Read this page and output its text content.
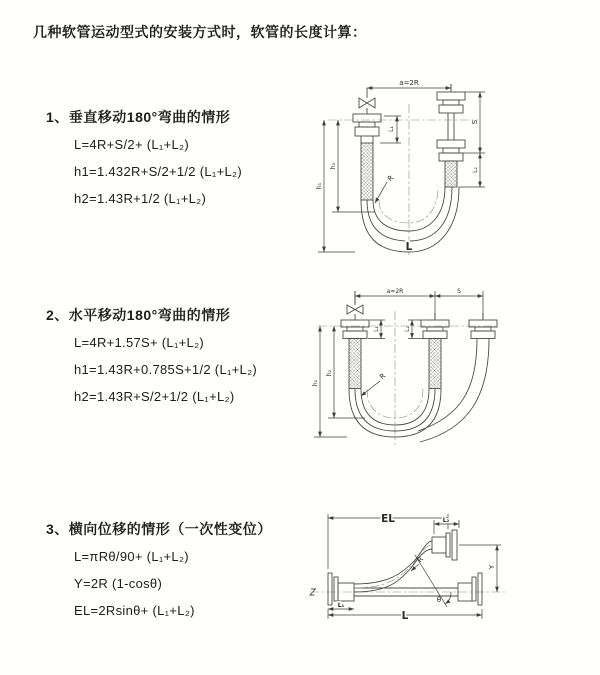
几种软管运动型式的安装方式时，软管的长度计算：
1、垂直移动180°弯曲的情形
L=4R+S/2+ (L₁+L₂)
h1=1.432R+S/2+1/2 (L₁+L₂)
h2=1.43R+1/2 (L₁+L₂)
2、水平移动180°弯曲的情形
L=4R+1.57S+ (L₁+L₂)
h1=1.43R+0.785S+1/2 (L₁+L₂)
h2=1.43R+S/2+1/2 (L₁+L₂)
3、横向位移的情形（一次性变位）
L=πRθ/90+ (L₁+L₂)
Y=2R (1-cosθ)
EL=2Rsinθ+ (L₁+L₂)
a=2R
L₁
S
L₂
h₁
h₂
R
L
a=2R	S
L₁	L₂
h₁
h₂	R
EL	L₂
Y
R
θ
L
L₁
